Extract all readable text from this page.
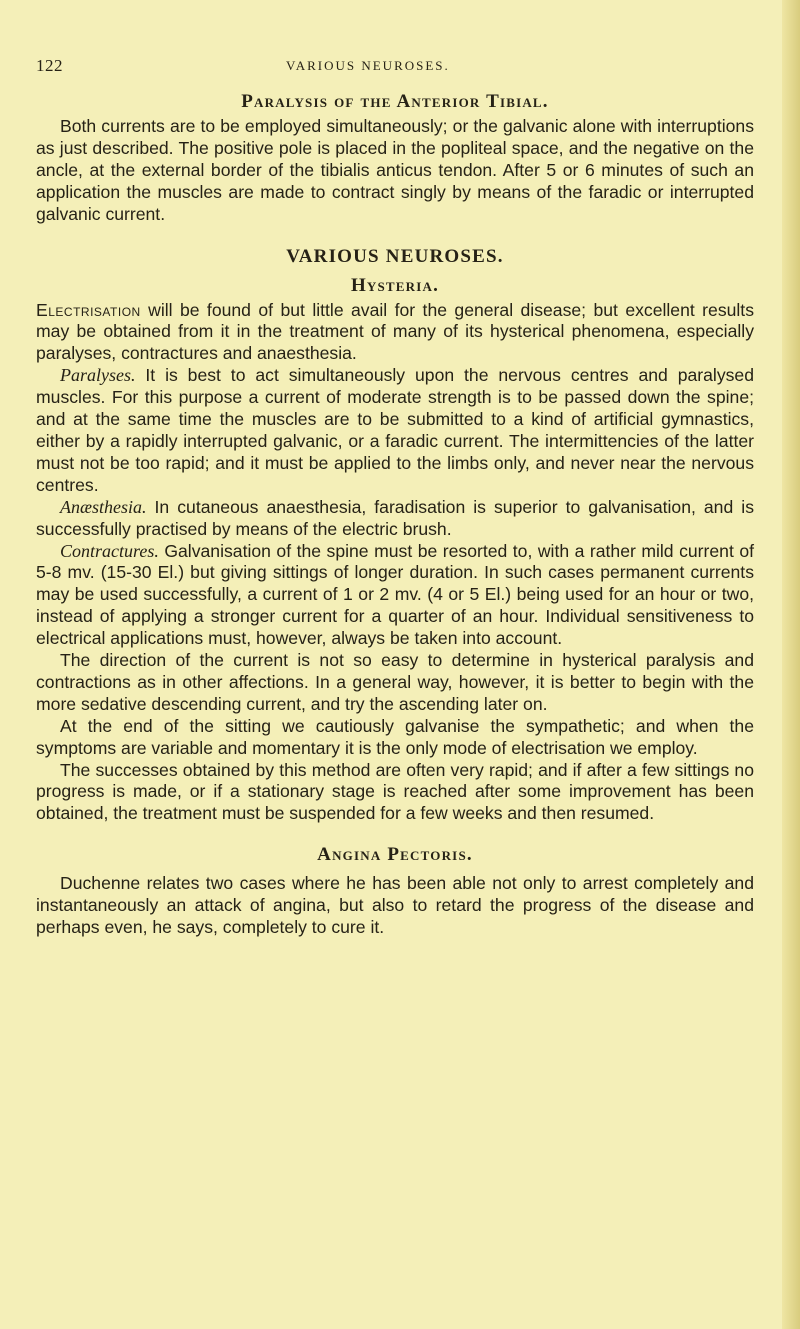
122	VARIOUS NEUROSES.
Paralysis of the Anterior Tibial.

Both currents are to be employed simultaneously; or the galvanic alone with interruptions as just described. The positive pole is placed in the popliteal space, and the negative on the ancle, at the external border of the tibialis anticus tendon. After 5 or 6 minutes of such an application the muscles are made to contract singly by means of the faradic or interrupted galvanic current.

VARIOUS NEUROSES.
Hysteria.

Electrisation will be found of but little avail for the general disease; but excellent results may be obtained from it in the treatment of many of its hysterical phenomena, especially paralyses, contractures and anaesthesia.

Paralyses. It is best to act simultaneously upon the nervous centres and paralysed muscles. For this purpose a current of moderate strength is to be passed down the spine; and at the same time the muscles are to be submitted to a kind of artificial gymnastics, either by a rapidly interrupted galvanic, or a faradic current. The intermittencies of the latter must not be too rapid; and it must be applied to the limbs only, and never near the nervous centres.

Anæsthesia. In cutaneous anaesthesia, faradisation is superior to galvanisation, and is successfully practised by means of the electric brush.

Contractures. Galvanisation of the spine must be resorted to, with a rather mild current of 5-8 mv. (15-30 El.) but giving sittings of longer duration. In such cases permanent currents may be used successfully, a current of 1 or 2 mv. (4 or 5 El.) being used for an hour or two, instead of applying a stronger current for a quarter of an hour. Individual sensitiveness to electrical applications must, however, always be taken into account.

The direction of the current is not so easy to determine in hysterical paralysis and contractions as in other affections. In a general way, however, it is better to begin with the more sedative descending current, and try the ascending later on.

At the end of the sitting we cautiously galvanise the sympathetic; and when the symptoms are variable and momentary it is the only mode of electrisation we employ.

The successes obtained by this method are often very rapid; and if after a few sittings no progress is made, or if a stationary stage is reached after some improvement has been obtained, the treatment must be suspended for a few weeks and then resumed.

Angina Pectoris.

Duchenne relates two cases where he has been able not only to arrest completely and instantaneously an attack of angina, but also to retard the progress of the disease and perhaps even, he says, completely to cure it.
